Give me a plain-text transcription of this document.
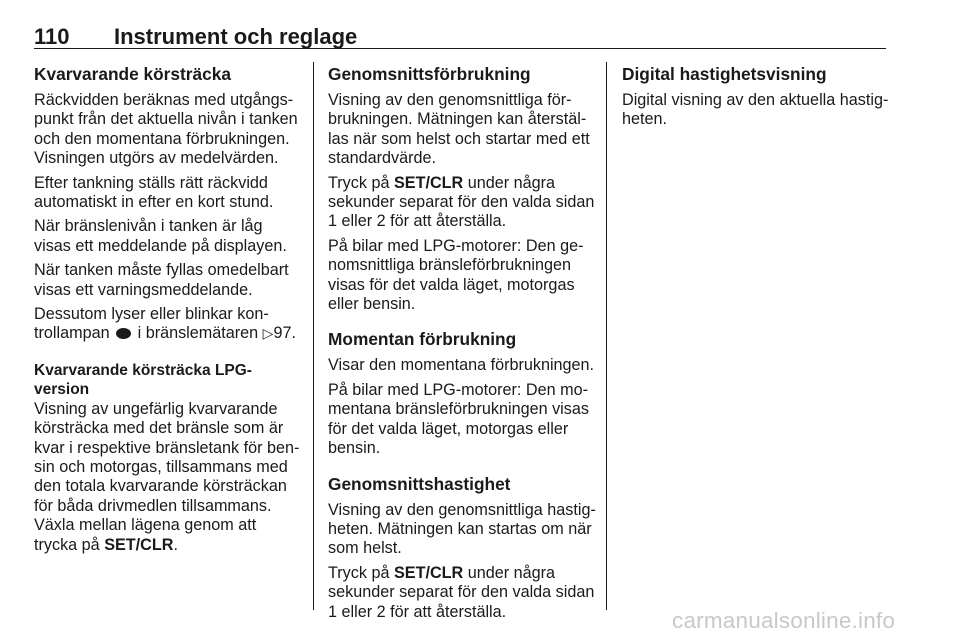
110 Instrument och reglage
Kvarvarande körsträcka

Räckvidden beräknas med utgångs-punkt från det aktuella nivån i tanken och den momentana förbrukningen. Visningen utgörs av medelvärden.

Efter tankning ställs rätt räckvidd automatiskt in efter en kort stund.

När bränslenivån i tanken är låg visas ett meddelande på displayen.

När tanken måste fyllas omedelbart visas ett varningsmeddelande.

Dessutom lyser eller blinkar kon-trollampan i bränslemätaren ▷97.

Kvarvarande körsträcka LPG-version

Visning av ungefärlig kvarvarande körsträcka med det bränsle som är kvar i respektive bränsletank för ben-sin och motorgas, tillsammans med den totala kvarvarande körsträckan för båda drivmedlen tillsammans. Växla mellan lägena genom att trycka på SET/CLR.

Genomsnittsförbrukning

Visning av den genomsnittliga för-brukningen. Mätningen kan återstäl-las när som helst och startar med ett standardvärde.

Tryck på SET/CLR under några sekunder separat för den valda sidan 1 eller 2 för att återställa.

På bilar med LPG-motorer: Den ge-nomsnittliga bränsleförbrukningen visas för det valda läget, motorgas eller bensin.

Momentan förbrukning

Visar den momentana förbrukningen.

På bilar med LPG-motorer: Den mo-mentana bränsleförbrukningen visas för det valda läget, motorgas eller bensin.

Genomsnittshastighet

Visning av den genomsnittliga hastig-heten. Mätningen kan startas om när som helst.

Tryck på SET/CLR under några sekunder separat för den valda sidan 1 eller 2 för att återställa.

Digital hastighetsvisning

Digital visning av den aktuella hastig-heten.

carmanualsonline.info
